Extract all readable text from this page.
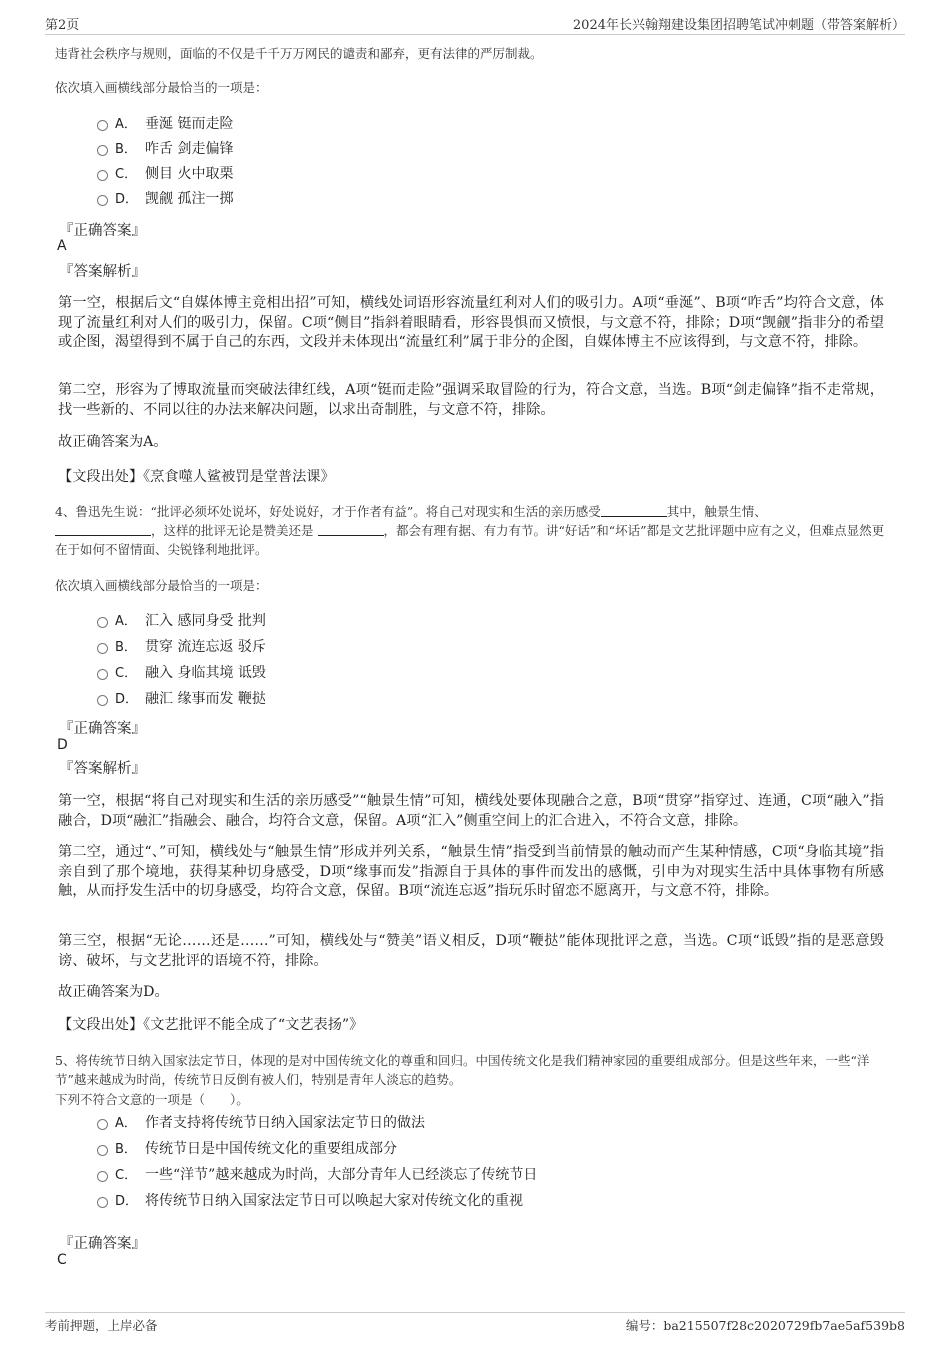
第2页	2024年长兴翰翔建设集团招聘笔试冲刺题（带答案解析）
违背社会秩序与规则，面临的不仅是千千万万网民的谴责和鄙弃，更有法律的严厉制裁。
依次填入画横线部分最恰当的一项是：
A． 垂涎 铤而走险
B． 咋舌 剑走偏锋
C． 侧目 火中取栗
D． 觊觎 孤注一掷
『正确答案』
A
『答案解析』
第一空，根据后文“自媒体博主竞相出招”可知，横线处词语形容流量红利对人们的吸引力。A项“垂涎”、B项“咋舌”均符合文意，体现了流量红利对人们的吸引力，保留。C项“侧目”指斜着眼睛看，形容畏惧而又愤恨，与文意不符，排除；D项“觊觎”指非分的希望或企图，渴望得到不属于自己的东西，文段并未体现出“流量红利”属于非分的企图，自媒体博主不应该得到，与文意不符，排除。
第二空，形容为了博取流量而突破法律红线，A项“铤而走险”强调采取冒险的行为，符合文意，当选。B项“剑走偏锋”指不走常规，找一些新的、不同以往的办法来解决问题，以求出奇制胜，与文意不符，排除。
故正确答案为A。
【文段出处】《烹食噬人鲨被罚是堂普法课》
4、鲁迅先生说：“批评必须坏处说坏，好处说好，才于作者有益”。将自己对现实和生活的亲历感受	其中，触景生情、
，这样的批评无论是赞美还是	，都会有理有据、有力有节。讲“好话”和“坏话”都是文艺批评题中应有之义，但难点显然更在于如何不留情面、尖锐锋利地批评。
依次填入画横线部分最恰当的一项是：
A． 汇入 感同身受 批判
B． 贯穿 流连忘返 驳斥
C． 融入 身临其境 诋毁
D． 融汇 缘事而发 鞭挞
『正确答案』
D
『答案解析』
第一空，根据“将自己对现实和生活的亲历感受”“触景生情”可知，横线处要体现融合之意，B项“贯穿”指穿过、连通，C项“融入”指融合，D项“融汇”指融会、融合，均符合文意，保留。A项“汇入”侧重空间上的汇合进入，不符合文意，排除。
第二空，通过“、”可知，横线处与“触景生情”形成并列关系，“触景生情”指受到当前情景的触动而产生某种情感，C项“身临其境”指亲自到了那个境地，获得某种切身感受，D项“缘事而发”指源自于具体的事件而发出的感慨，引申为对现实生活中具体事物有所感触，从而抒发生活中的切身感受，均符合文意，保留。B项“流连忘返”指玩乐时留恋不愿离开，与文意不符，排除。
第三空，根据“无论……还是……”可知，横线处与“赞美”语义相反，D项“鞭挞”能体现批评之意，当选。C项“诋毁”指的是恶意毁谤、破坏，与文艺批评的语境不符，排除。
故正确答案为D。
【文段出处】《文艺批评不能全成了“文艺表扬”》
5、将传统节日纳入国家法定节日，体现的是对中国传统文化的尊重和回归。中国传统文化是我们精神家园的重要组成部分。但是这些年来，一些“洋节”越来越成为时尚，传统节日反倒有被人们，特别是青年人淡忘的趋势。
下列不符合文意的一项是（　　）。
A． 作者支持将传统节日纳入国家法定节日的做法
B． 传统节日是中国传统文化的重要组成部分
C． 一些“洋节”越来越成为时尚，大部分青年人已经淡忘了传统节日
D． 将传统节日纳入国家法定节日可以唤起大家对传统文化的重视
『正确答案』
C
考前押题，上岸必备	编号：ba215507f28c2020729fb7ae5af539b8
